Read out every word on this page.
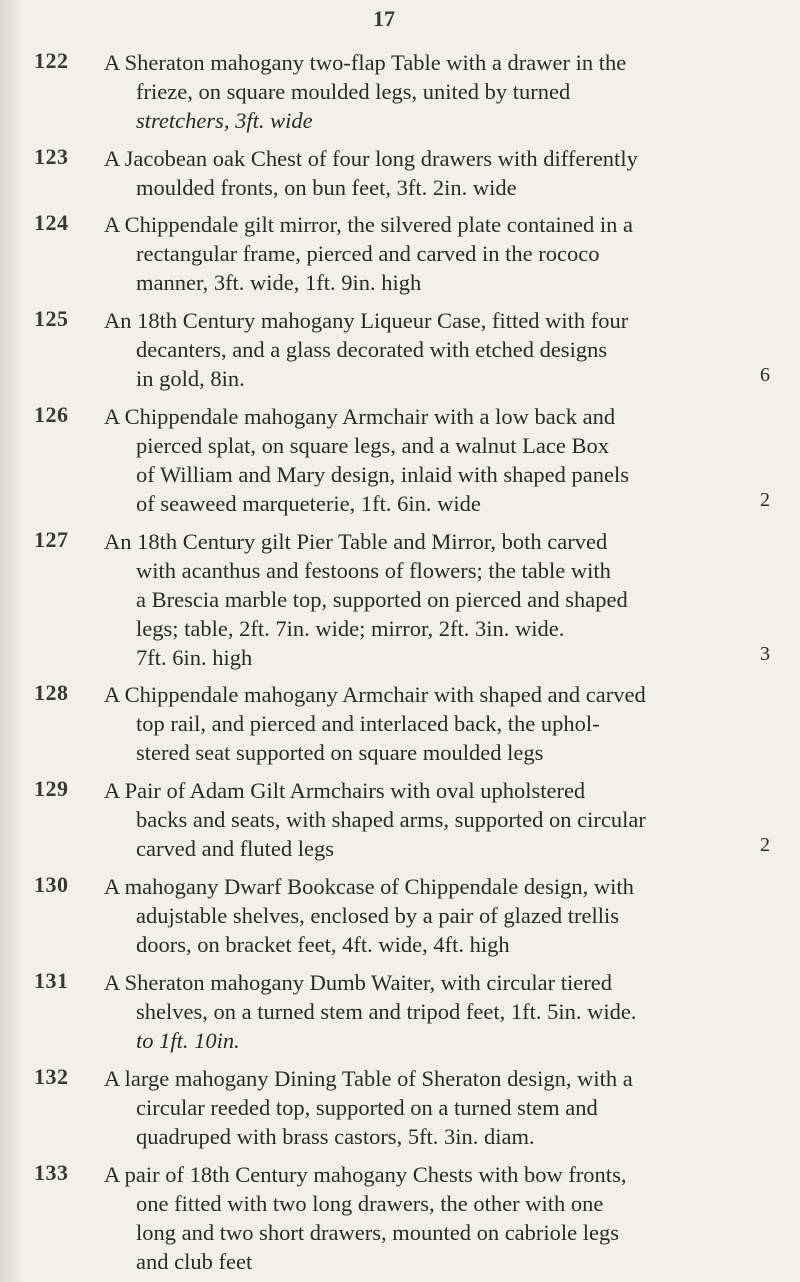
17
122	A Sheraton mahogany two-flap Table with a drawer in the
frieze, on square moulded legs, united by turned
stretchers, 3ft. wide
123	A Jacobean oak Chest of four long drawers with differently
moulded fronts, on bun feet, 3ft. 2in. wide
124	A Chippendale gilt mirror, the silvered plate contained in a
rectangular frame, pierced and carved in the rococo
manner, 3ft. wide, 1ft. 9in. high
125	An 18th Century mahogany Liqueur Case, fitted with four
decanters, and a glass decorated with etched designs
in gold, 8in.	6
126	A Chippendale mahogany Armchair with a low back and
pierced splat, on square legs, and a walnut Lace Box
of William and Mary design, inlaid with shaped panels
of seaweed marqueterie, 1ft. 6in. wide	2
127	An 18th Century gilt Pier Table and Mirror, both carved
with acanthus and festoons of flowers; the table with
a Brescia marble top, supported on pierced and shaped
legs; table, 2ft. 7in. wide; mirror, 2ft. 3in. wide.
7ft. 6in. high	3
128	A Chippendale mahogany Armchair with shaped and carved
top rail, and pierced and interlaced back, the uphol-
stered seat supported on square moulded legs
129	A Pair of Adam Gilt Armchairs with oval upholstered
backs and seats, with shaped arms, supported on circular
carved and fluted legs	2
130	A mahogany Dwarf Bookcase of Chippendale design, with
adujstable shelves, enclosed by a pair of glazed trellis
doors, on bracket feet, 4ft. wide, 4ft. high
131	A Sheraton mahogany Dumb Waiter, with circular tiered
shelves, on a turned stem and tripod feet, 1ft. 5in. wide.
to 1ft. 10in.
132	A large mahogany Dining Table of Sheraton design, with a
circular reeded top, supported on a turned stem and
quadruped with brass castors, 5ft. 3in. diam.
133	A pair of 18th Century mahogany Chests with bow fronts,
one fitted with two long drawers, the other with one
long and two short drawers, mounted on cabriole legs
and club feet
